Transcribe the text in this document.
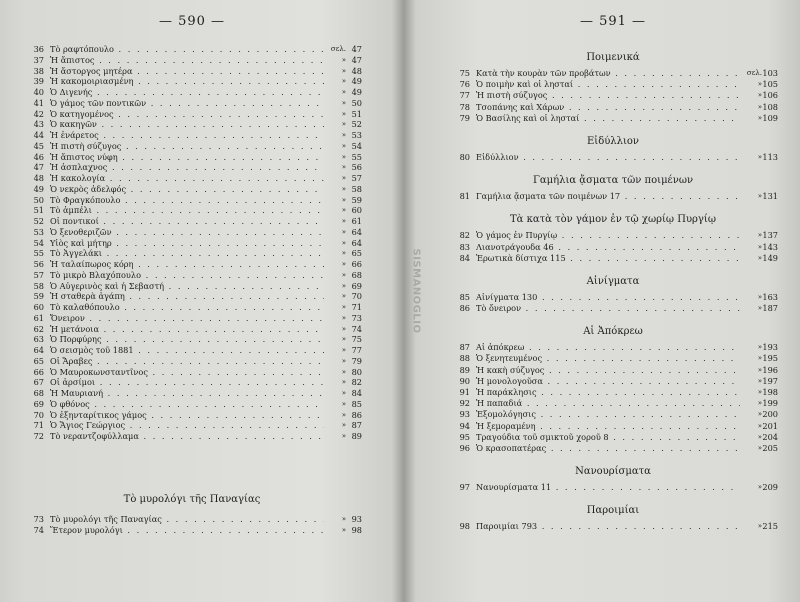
— 590 —
36 Τὸ ραφτόπουλο . . .	σελ. 47
37 Ἡ ἄπιστος . . .	» 47
38 Ἡ ἄστοργος μητέρα . . .	» 48
39 Ἡ κακομοιριασμένη . . .	» 49
40 Ὁ Διγενής . . .	» 49
41 Ὁ γάμος τῶν ποντικῶν . . .	» 50
42 Ὁ κατηγομένος . . .	» 51
43 Ὁ κακηγῶν . . .	» 52
44 Ἡ ἐνάρετος . . .	» 53
45 Ἡ πιστὴ σύζυγος . . .	» 54
46 Ἡ ἄπιστος νύφη . . .	» 55
47 Ἡ ἀσπλαχνος . . .	» 56
48 Ἡ κακολογία . . .	» 57
49 Ὁ νεκρὸς ἀδελφός . . .	» 58
50 Τὸ Φραγκόπουλο . . .	» 59
51 Τὸ ἀμπέλι . . .	» 60
52 Οἱ ποντικοί . . .	» 61
53 Ὁ ξενοθεριζῶν . . .	» 64
54 Υἱὸς καὶ μήτηρ . . .	» 64
55 Τὸ Ἀγγελάκι . . .	» 65
56 Ἡ ταλαίπωρος κόρη . . .	» 66
57 Τὸ μικρὸ Βλαχόπουλο . . .	» 68
58 Ὁ Αὐγερινὸς καὶ ἡ Σεβαστή . . .	» 69
59 Ἡ σταθερὰ ἀγάπη . . .	» 70
60 Τὸ καλαθόπουλο . . .	» 71
61 Ὄνειρον . . .	» 73
62 Ἡ μετάνοια . . .	» 74
63 Ὁ Πορφύρης . . .	» 75
64 Ὁ σεισμὸς τοῦ 1881 . . .	» 77
65 Οἱ Ἄραβες . . .	» 79
66 Ὁ Μαυροκωνσταντῖνος . . .	» 80
67 Οἱ ἀρσίμοι . . .	» 82
68 Ἡ Μαυριανή . . .	» 84
69 Ὁ φθόνος . . .	» 85
70 Ὁ ἐξηνταρίτικος γάμος . . .	» 86
71 Ὁ Ἅγιος Γεώργιος . . .	» 87
72 Τὸ νεραντζοφύλλαμα . . .	» 89
Τὸ μυρολόγι τῆς Παναγίας
73 Τὸ μυρολόγι τῆς Παναγίας . . .	» 93
74 Ἕτερον μυρολόγι . . .	» 98
— 591 —
Ποιμενικά
75 Κατὰ τὴν κουρὰν τῶν προβάτων . . .	σελ. 103
76 Ὁ ποιμὴν καὶ οἱ λησταί . . .	» 105
77 Ἡ πιστὴ σύζυγος . . .	» 106
78 Τσοπάνης καὶ Χάρων . . .	» 108
79 Ὁ Βασίλης καὶ οἱ λησταί . . .	» 109
Εἰδύλλιον
80 Εἰδύλλιον . . .	» 113
Γαμήλια ᾄσματα τῶν ποιμένων
81 Γαμήλια ᾄσματα τῶν ποιμένων 17 . . .	» 131
Τὰ κατὰ τὸν γάμον ἐν τῷ χωρίῳ Πυργίῳ
82 Ὁ γάμος ἐν Πυργίῳ . . .	» 137
83 Λιανοτράγουδα 46 . . .	» 143
84 Ἐρωτικὰ δίστιχα 115 . . .	» 149
Αἰνίγματα
85 Αἰνίγματα 130 . . .	» 163
86 Τὸ ὄνειρον . . .	» 187
Αἱ Ἀπόκρεω
87 Αἱ ἀπόκρεω . . .	» 193
88 Ὁ ξενητευμένος . . .	» 195
89 Ἡ κακὴ σύζυγος . . .	» 196
90 Ἡ μονολογοῦσα . . .	» 197
91 Ἡ παράκλησις . . .	» 198
92 Ἡ παπαδιά . . .	» 199
93 Ἐξομολόγησις . . .	» 200
94 Ἡ ξεμοραμένη . . .	» 201
95 Τραγούδια τοῦ σμικτοῦ χοροῦ 8 . . .	» 204
96 Ὁ κρασοπατέρας . . .	» 205
Νανουρίσματα
97 Νανουρίσματα 11 . . .	» 209
Παροιμίαι
98 Παροιμίαι 793 . . .	» 215
SISMANOGLIO
